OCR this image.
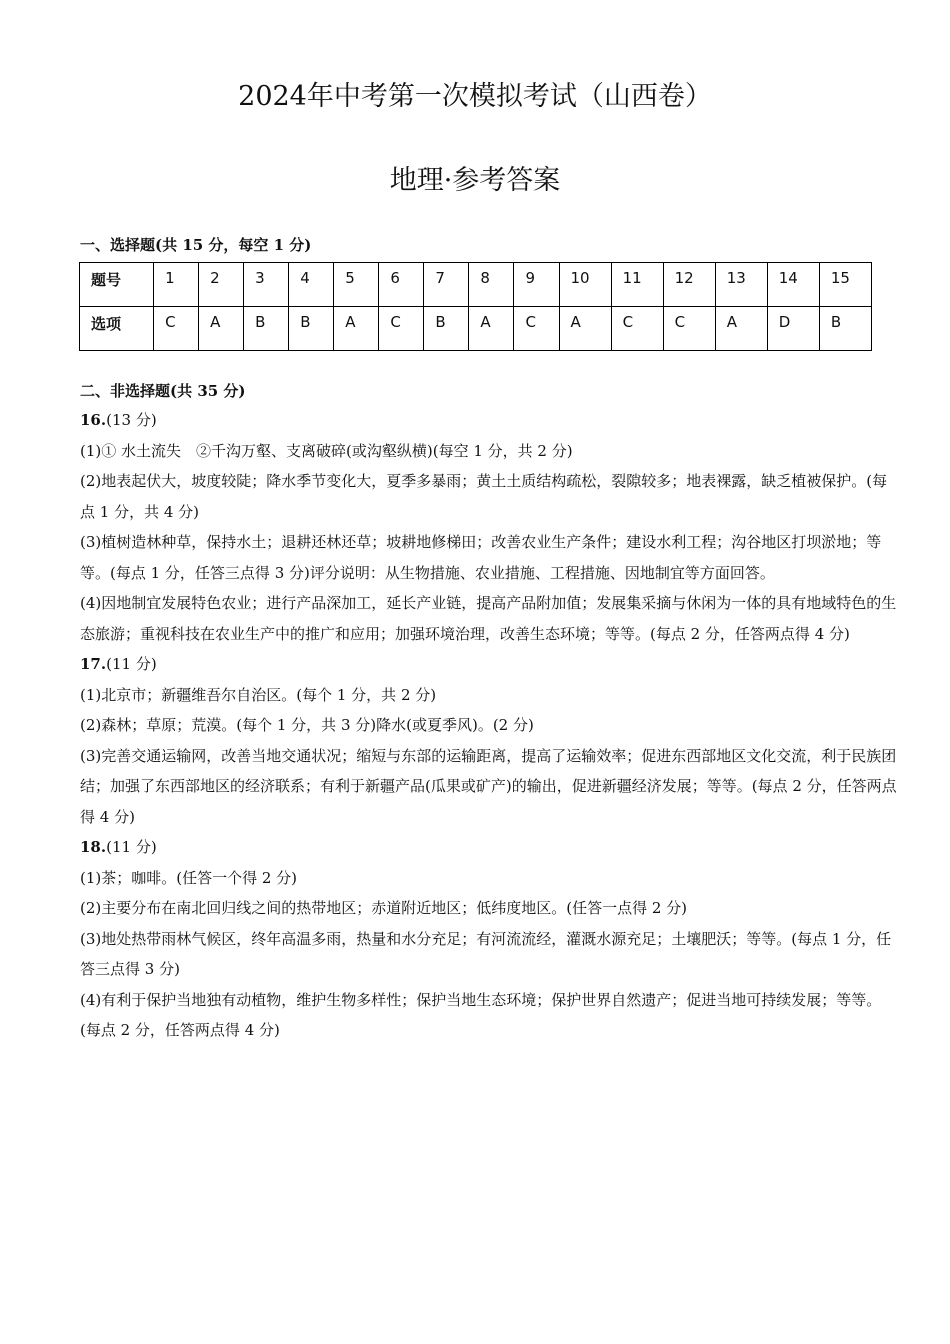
2024年中考第一次模拟考试（山西卷）
地理·参考答案
一、选择题(共 15 分，每空 1 分)
题号	1	2	3	4	5	6	7	8	9	10	11	12	13	14	15
选项	C	A	B	B	A	C	B	A	C	A	C	C	A	D	B
二、非选择题(共 35 分)

16.(13 分)

(1)① 水土流失　②千沟万壑、支离破碎(或沟壑纵横)(每空 1 分，共 2 分)

(2)地表起伏大，坡度较陡；降水季节变化大，夏季多暴雨；黄土土质结构疏松，裂隙较多；地表裸露，缺乏植被保护。(每点 1 分，共 4 分)

(3)植树造林种草，保持水土；退耕还林还草；坡耕地修梯田；改善农业生产条件；建设水利工程；沟谷地区打坝淤地；等等。(每点 1 分，任答三点得 3 分)评分说明：从生物措施、农业措施、工程措施、因地制宜等方面回答。

(4)因地制宜发展特色农业；进行产品深加工，延长产业链，提高产品附加值；发展集采摘与休闲为一体的具有地域特色的生态旅游；重视科技在农业生产中的推广和应用；加强环境治理，改善生态环境；等等。(每点 2 分，任答两点得 4 分)

17.(11 分)

(1)北京市；新疆维吾尔自治区。(每个 1 分，共 2 分)

(2)森林；草原；荒漠。(每个 1 分，共 3 分)降水(或夏季风)。(2 分)

(3)完善交通运输网，改善当地交通状况；缩短与东部的运输距离，提高了运输效率；促进东西部地区文化交流，利于民族团结；加强了东西部地区的经济联系；有利于新疆产品(瓜果或矿产)的输出，促进新疆经济发展；等等。(每点 2 分，任答两点得 4 分)

18.(11 分)

(1)茶；咖啡。(任答一个得 2 分)

(2)主要分布在南北回归线之间的热带地区；赤道附近地区；低纬度地区。(任答一点得 2 分)

(3)地处热带雨林气候区，终年高温多雨，热量和水分充足；有河流流经，灌溉水源充足；土壤肥沃；等等。(每点 1 分，任答三点得 3 分)

(4)有利于保护当地独有动植物，维护生物多样性；保护当地生态环境；保护世界自然遗产；促进当地可持续发展；等等。(每点 2 分，任答两点得 4 分)
